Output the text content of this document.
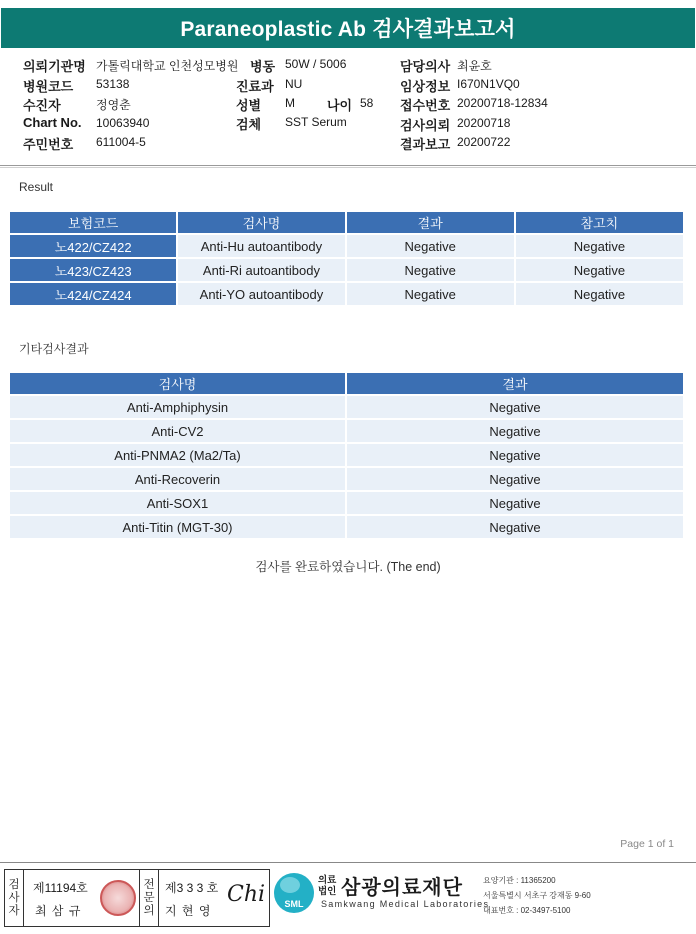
Paraneoplastic Ab 검사결과보고서
의뢰기관명 가톨릭대학교 인천성모병원 병동 50W / 5006	담당의사 최윤호
병원코드 53138	진료과 NU	임상정보 I670N1VQ0
수진자	정영춘	성별 M 나이 58 접수번호 20200718-12834
Chart No. 10063940	검체 SST Serum	검사의뢰 20200718
주민번호 611004-5	결과보고 20200722
Result
보험코드	검사명	결과	참고치
노422/CZ422	Anti-Hu autoantibody	Negative	Negative
노423/CZ423	Anti-Ri autoantibody	Negative	Negative
노424/CZ424	Anti-YO autoantibody	Negative	Negative
기타검사결과
검사명	결과
Anti-Amphiphysin	Negative
Anti-CV2	Negative
Anti-PNMA2 (Ma2/Ta)	Negative
Anti-Recoverin	Negative
Anti-SOX1	Negative
Anti-Titin (MGT-30)	Negative
검사를 완료하였습니다. (The end)
Page 1 of 1
검사자
제11194호
최 삼 규
전문의
제3 3 3 호
지 현 영
Chi	SML
의료 법인 삼광의료재단
Samkwang Medical Laboratories
요양기관 : 11365200
서울특별시 서초구 강재동 9-60
대표번호 : 02-3497-5100
